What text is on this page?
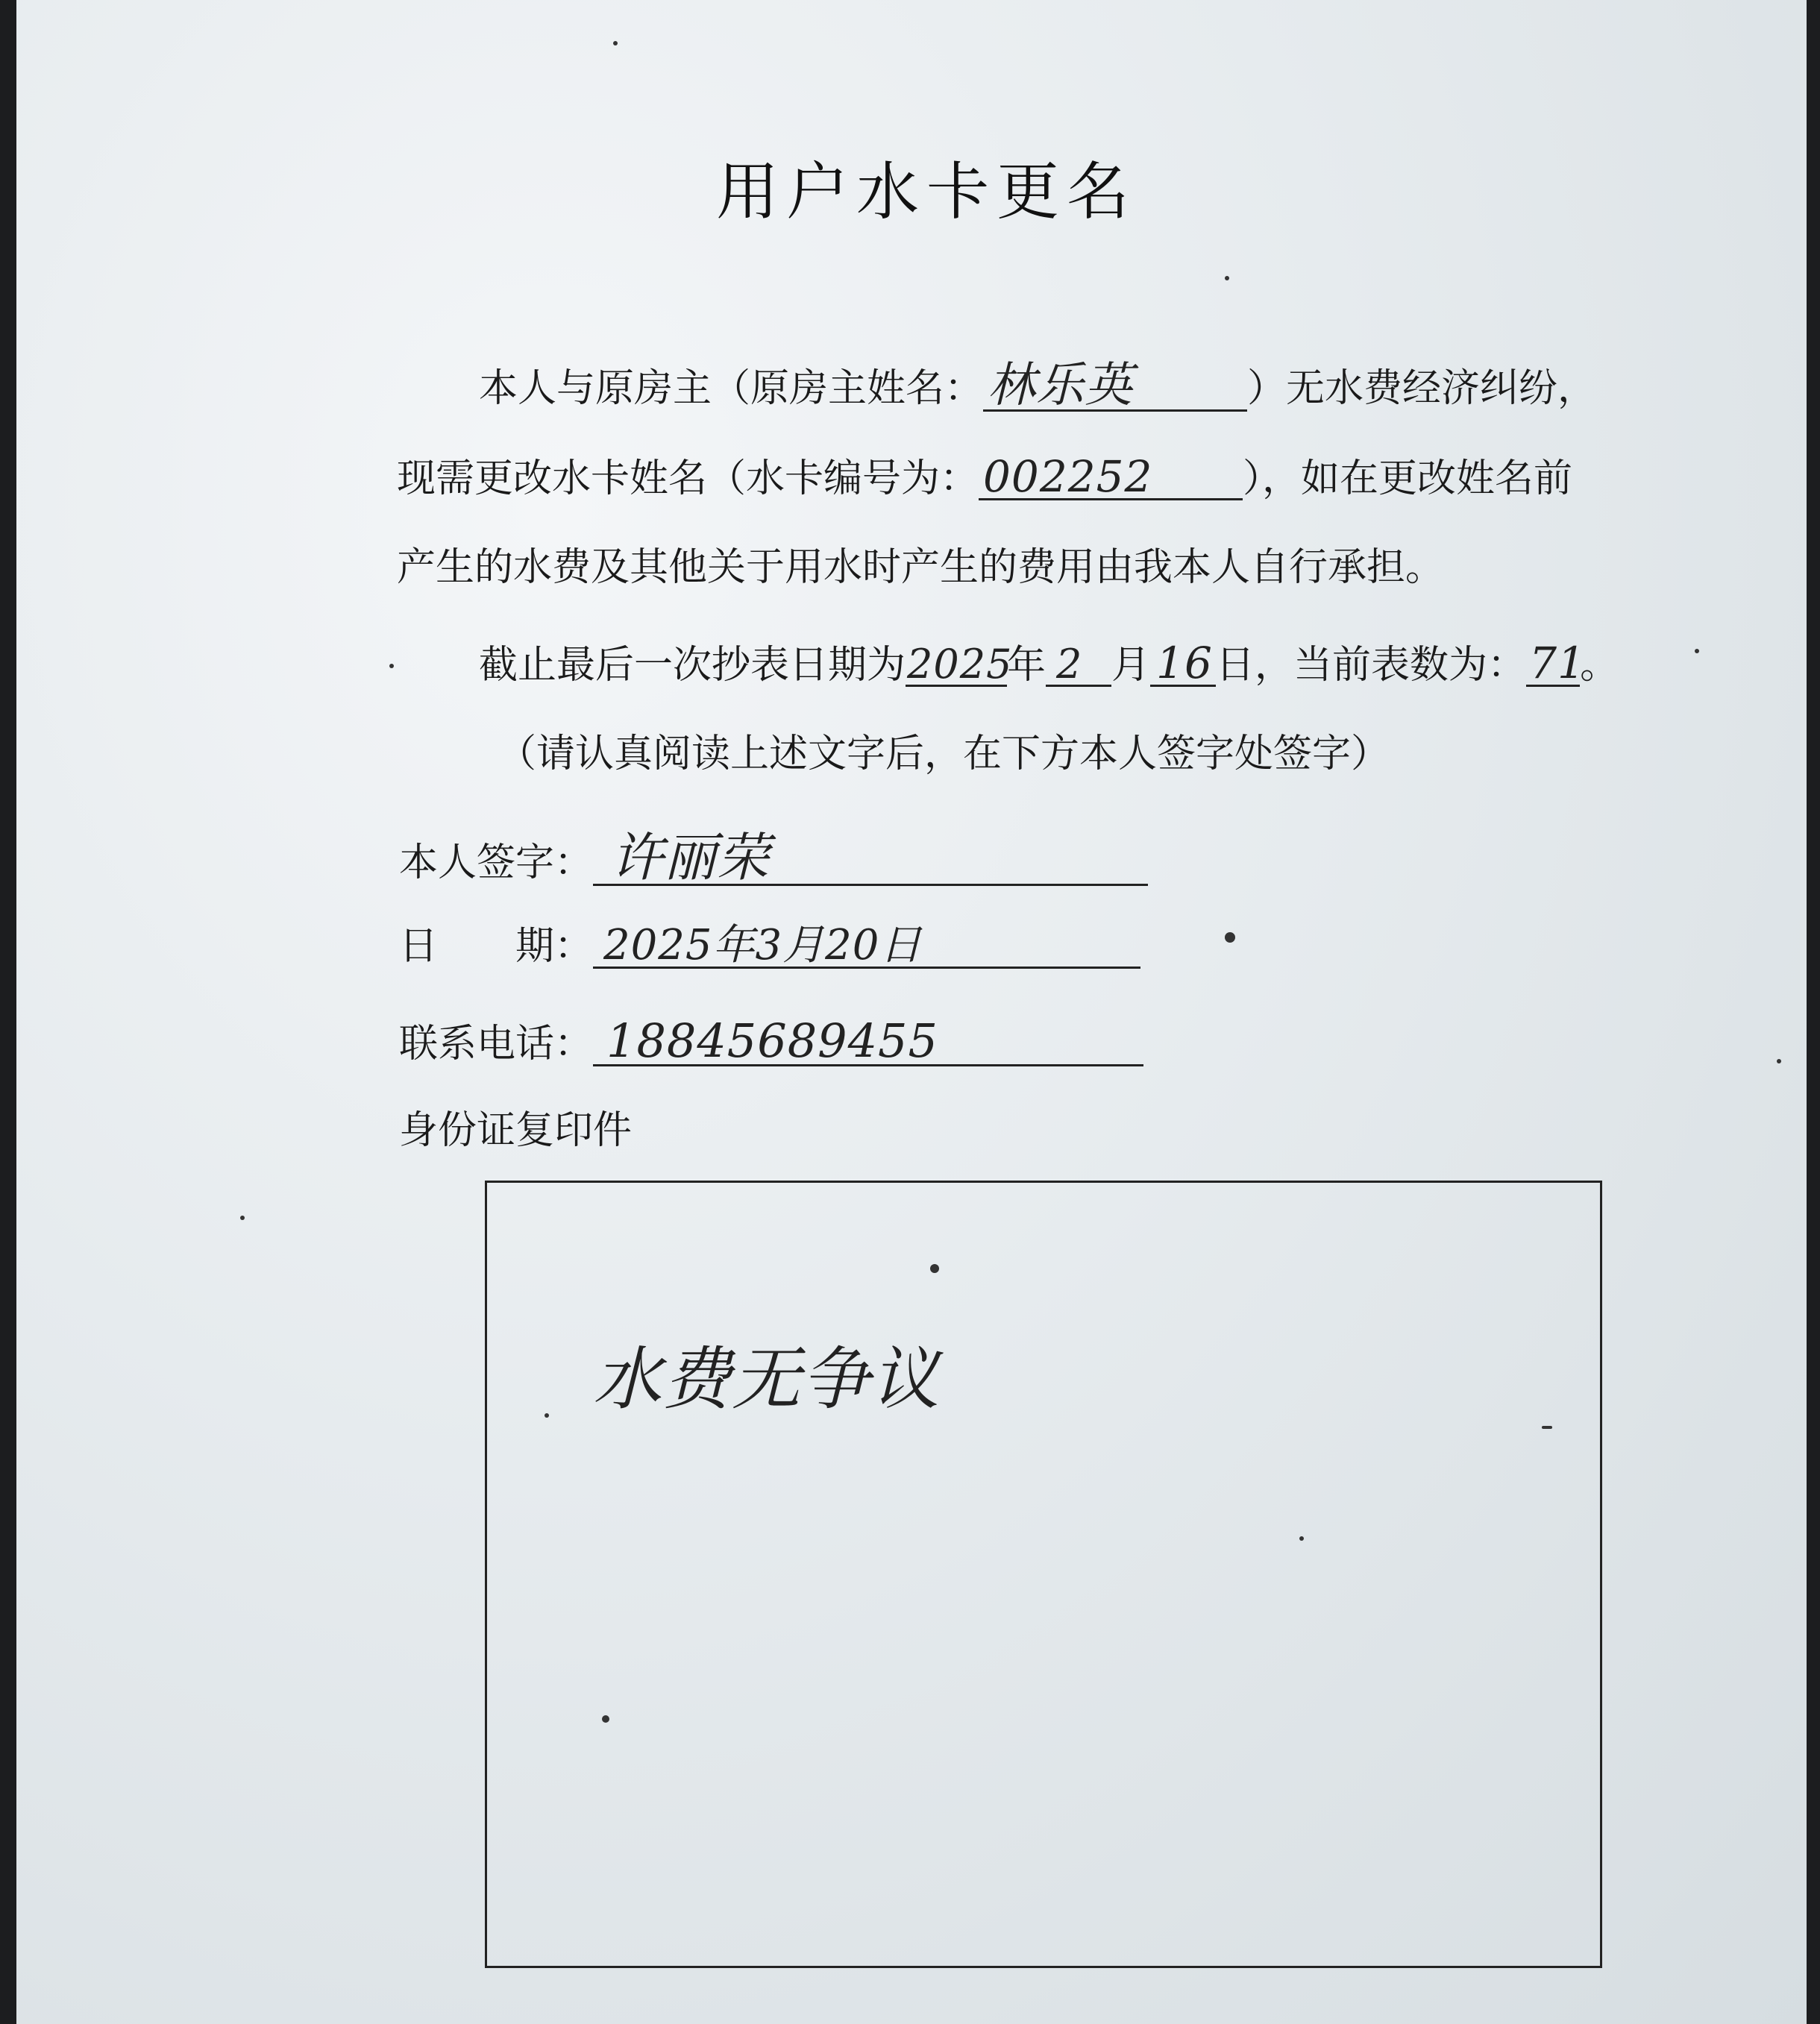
用户水卡更名
本人与原房主（原房主姓名：林乐英	）无水费经济纠纷，
现需更改水卡姓名（水卡编号为： 002252 ），如在更改姓名前
产生的水费及其他关于用水时产生的费用由我本人自行承担。
截止最后一次抄表日期为2025年 2 月 16日，当前表数为：71。
（请认真阅读上述文字后，在下方本人签字处签字）
本人签字： 许丽荣
日　　期： 2025年3月20日
联系电话： 18845689455
身份证复印件
水费无争议
